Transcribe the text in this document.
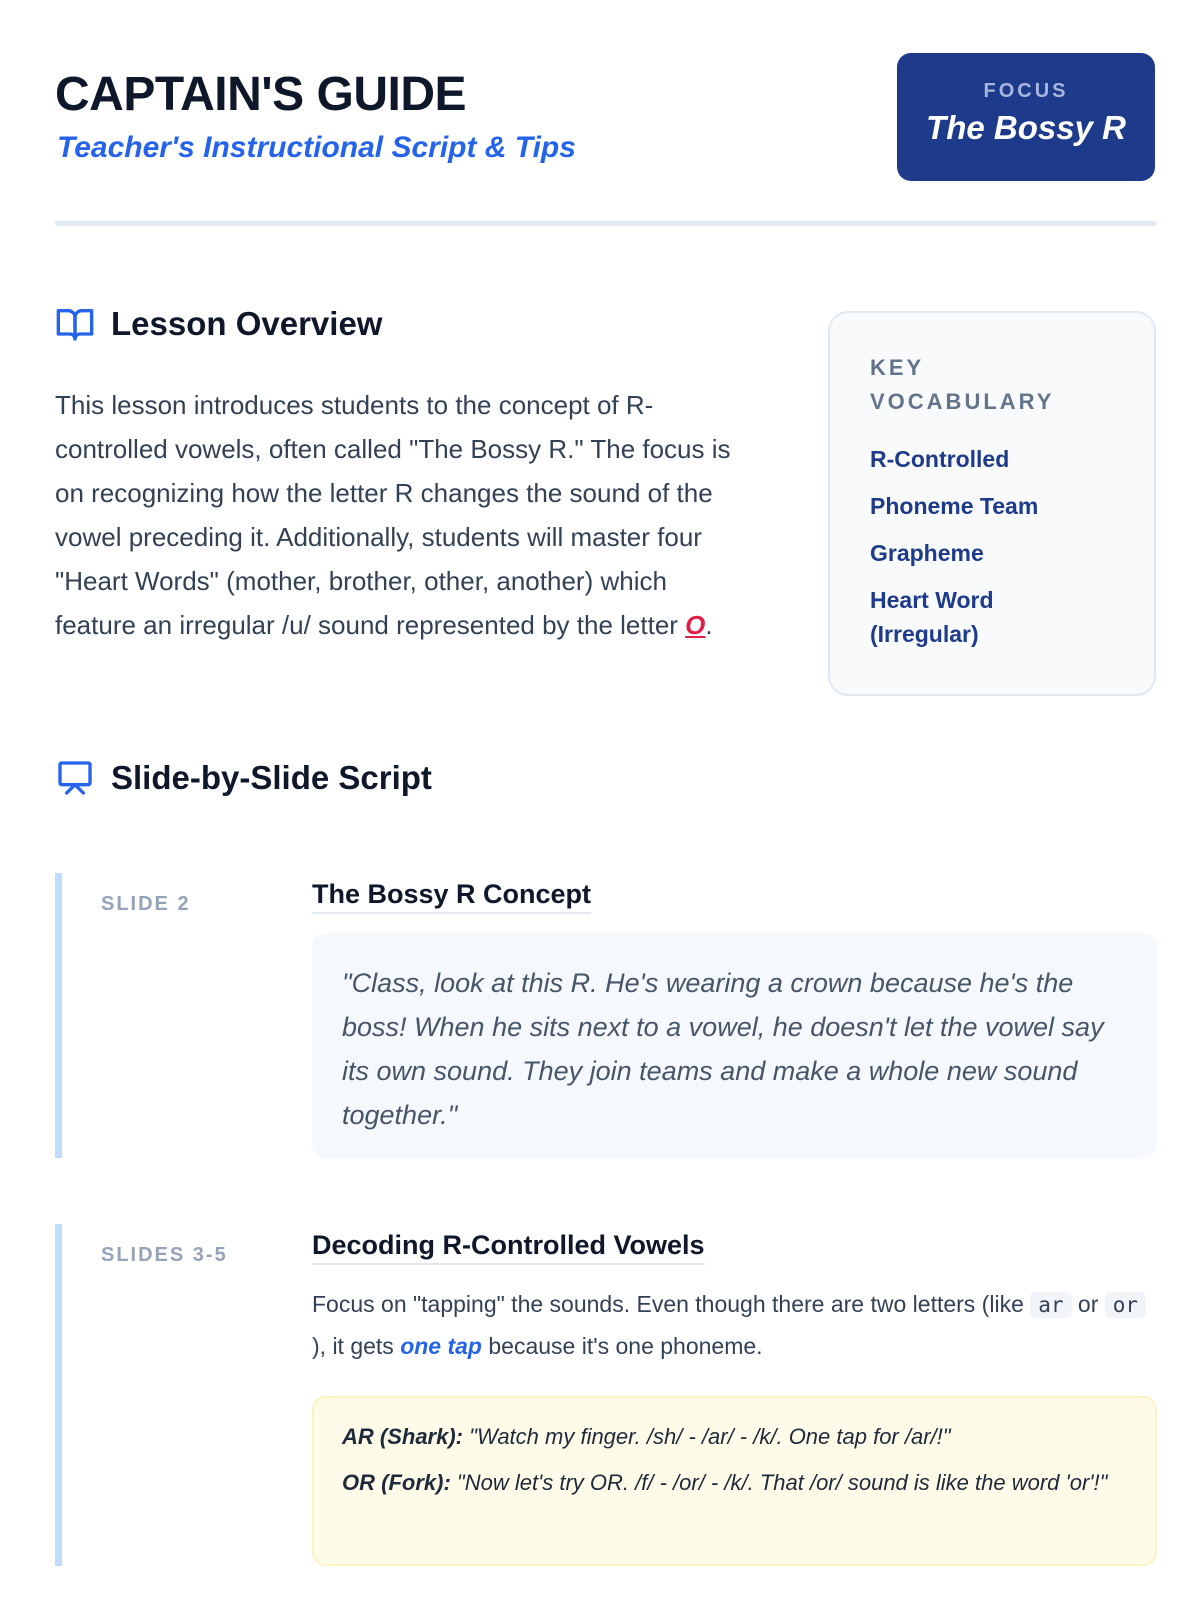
CAPTAIN'S GUIDE
Teacher's Instructional Script & Tips
FOCUS
The Bossy R
Lesson Overview

This lesson introduces students to the concept of R-controlled vowels, often called "The Bossy R." The focus is on recognizing how the letter R changes the sound of the vowel preceding it. Additionally, students will master four "Heart Words" (mother, brother, other, another) which feature an irregular /u/ sound represented by the letter O.

KEY VOCABULARY
R-Controlled
Phoneme Team
Grapheme
Heart Word (Irregular)
Slide-by-Slide Script
SLIDE 2	The Bossy R Concept
"Class, look at this R. He's wearing a crown because he's the boss! When he sits next to a vowel, he doesn't let the vowel say its own sound. They join teams and make a whole new sound together."
SLIDES 3-5	Decoding R-Controlled Vowels

Focus on "tapping" the sounds. Even though there are two letters (like ar or or ), it gets one tap because it's one phoneme.

AR (Shark): "Watch my finger. /sh/ - /ar/ - /k/. One tap for /ar/!"
OR (Fork): "Now let's try OR. /f/ - /or/ - /k/. That /or/ sound is like the word 'or'!"
